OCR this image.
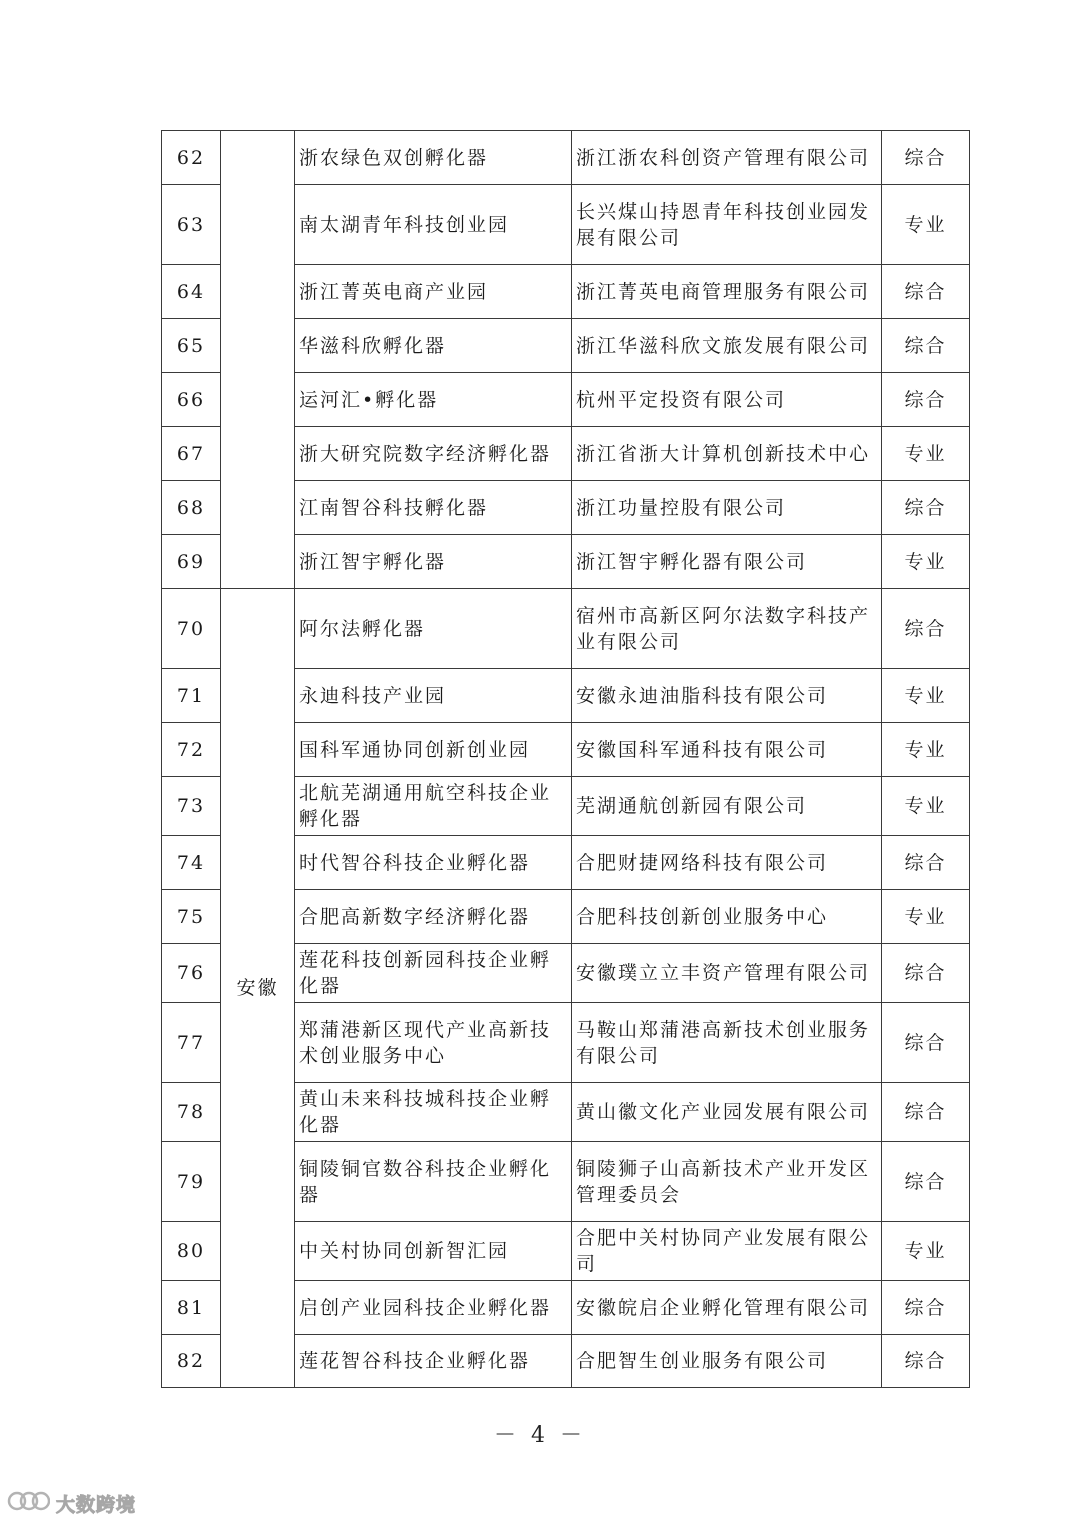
62		浙农绿色双创孵化器	浙江浙农科创资产管理有限公司	综合
63		南太湖青年科技创业园	长兴煤山持恩青年科技创业园发展有限公司	专业
64		浙江菁英电商产业园	浙江菁英电商管理服务有限公司	综合
65		华滋科欣孵化器	浙江华滋科欣文旅发展有限公司	综合
66		运河汇•孵化器	杭州平定投资有限公司	综合
67		浙大研究院数字经济孵化器	浙江省浙大计算机创新技术中心	专业
68		江南智谷科技孵化器	浙江功量控股有限公司	综合
69		浙江智宇孵化器	浙江智宇孵化器有限公司	专业
70	安徽	阿尔法孵化器	宿州市高新区阿尔法数字科技产业有限公司	综合
71		永迪科技产业园	安徽永迪油脂科技有限公司	专业
72		国科军通协同创新创业园	安徽国科军通科技有限公司	专业
73		北航芜湖通用航空科技企业孵化器	芜湖通航创新园有限公司	专业
74		时代智谷科技企业孵化器	合肥财捷网络科技有限公司	综合
75		合肥高新数字经济孵化器	合肥科技创新创业服务中心	专业
76		莲花科技创新园科技企业孵化器	安徽璞立立丰资产管理有限公司	综合
77		郑蒲港新区现代产业高新技术创业服务中心	马鞍山郑蒲港高新技术创业服务有限公司	综合
78		黄山未来科技城科技企业孵化器	黄山徽文化产业园发展有限公司	综合
79		铜陵铜官数谷科技企业孵化器	铜陵狮子山高新技术产业开发区管理委员会	综合
80		中关村协同创新智汇园	合肥中关村协同产业发展有限公司	专业
81		启创产业园科技企业孵化器	安徽皖启企业孵化管理有限公司	综合
82		莲花智谷科技企业孵化器	合肥智生创业服务有限公司	综合
－ 4 －
大数跨境
